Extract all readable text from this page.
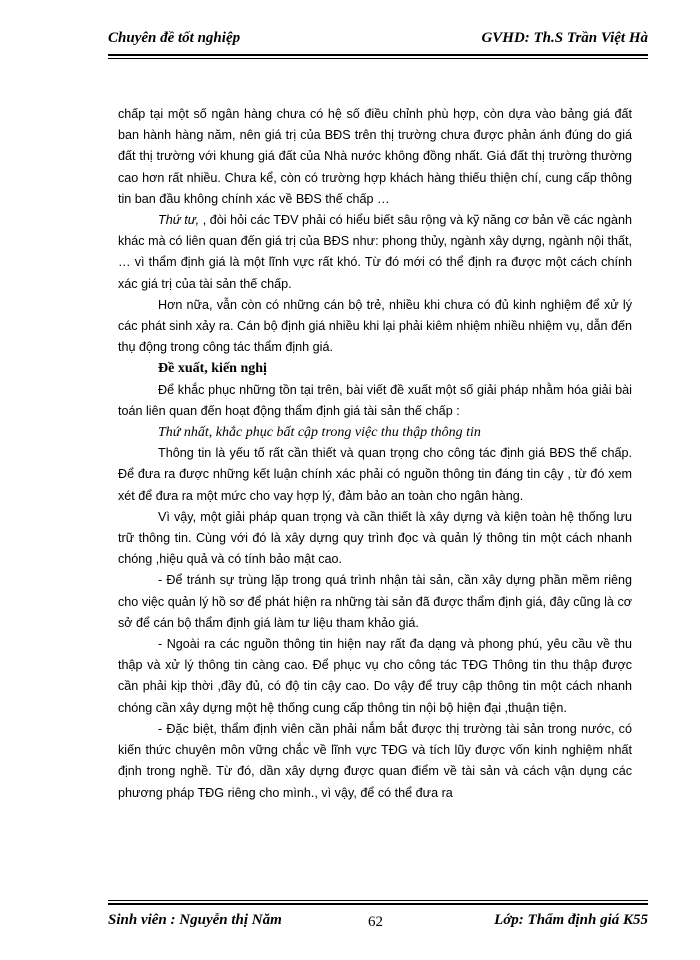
Chuyên đề tốt nghiệp	GVHD: Th.S Trần Việt Hà

chấp tại một số ngân hàng chưa có hệ số điều chỉnh phù hợp, còn dựa vào bảng giá đất ban hành hàng năm, nên giá trị của BĐS trên thị trường chưa được phản ánh đúng do giá đất thị trường với khung giá đất của Nhà nước không đồng nhất. Giá đất thị trường thường cao hơn rất nhiều. Chưa kể, còn có trường hợp khách hàng thiếu thiện chí, cung cấp thông tin ban đầu không chính xác về BĐS thế chấp …

Thứ tư, , đòi hỏi các TĐV phải có hiểu biết sâu rộng và kỹ năng cơ bản về các ngành khác mà có liên quan đến giá trị của BĐS như: phong thủy, ngành xây dựng, ngành nội thất, … vì thẩm định giá là một lĩnh vực rất khó. Từ đó mới có thể định ra được một cách chính xác giá trị của tài sản thế chấp.

Hơn nữa, vẫn còn có những cán bộ trẻ, nhiều khi chưa có đủ kinh nghiệm để xử lý các phát sinh xảy ra. Cán bộ định giá nhiều khi lại phải kiêm nhiệm nhiều nhiệm vụ, dẫn đến thụ động trong công tác thẩm định giá.

Đề xuất, kiến nghị

Để khắc phục những tồn tại trên, bài viết đề xuất một số giải pháp nhằm hóa giải bài toán liên quan đến hoạt động thẩm định giá tài sản thế chấp :

Thứ nhất, khắc phục bất cập trong việc thu thập thông tin

Thông tin là yếu tố rất cần thiết và quan trọng cho công tác định giá BĐS thế chấp. Để đưa ra được những kết luận chính xác phải có nguồn thông tin đáng tin cậy , từ đó xem xét để đưa ra một mức cho vay hợp lý, đảm bảo an toàn cho ngân hàng.

Vì vậy, một giải pháp quan trọng và cần thiết là xây dựng và kiện toàn hệ thống lưu trữ thông tin. Cùng với đó là xây dựng quy trình đọc và quản lý thông tin một cách nhanh chóng ,hiệu quả và có tính bảo mật cao.

- Để tránh sự trùng lặp trong quá trình nhận tài sản, cần xây dựng phần mềm riêng cho việc quản lý hồ sơ để phát hiện ra những tài sản đã được thẩm định giá, đây cũng là cơ sở để cán bộ thẩm định giá làm tư liệu tham khảo giá.

- Ngoài ra các nguồn thông tin hiện nay rất đa dạng và phong phú, yêu cầu về thu thập và xử lý thông tin càng cao. Để phục vụ cho công tác TĐG Thông tin thu thập được cần phải kịp thời ,đầy đủ, có độ tin cậy cao. Do vậy để truy cập thông tin một cách nhanh chóng cần xây dựng một hệ thống cung cấp thông tin nội bộ hiện đại ,thuận tiện.

- Đặc biệt, thẩm định viên cần phải nắm bắt được thị trường tài sản trong nước, có kiến thức chuyên môn vững chắc về lĩnh vực TĐG và tích lũy được vốn kinh nghiệm nhất định trong nghề. Từ đó, dần xây dựng được quan điểm về tài sản và cách vận dụng các phương pháp TĐG riêng cho mình., vì vậy, để có thể đưa ra

Sinh viên : Nguyễn thị Năm	62	Lớp: Thẩm định giá K55
